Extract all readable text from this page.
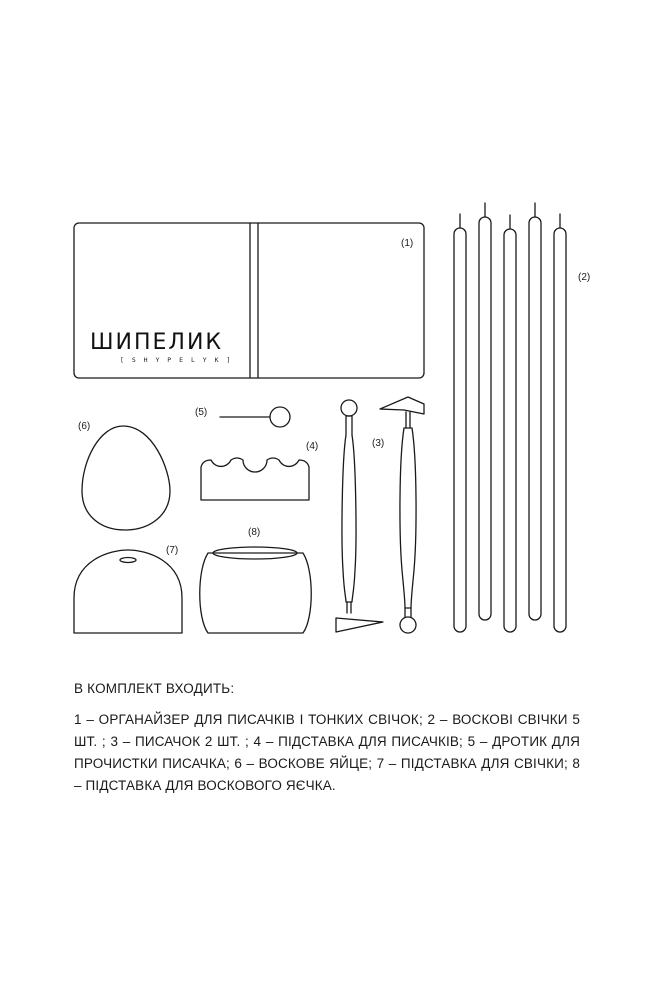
ШИПЕЛИК
[ S H Y P E L Y K ]
(1)
(2)
(5)
(4)
(6)
(7)
(8)
(3)

В КОМПЛЕКТ ВХОДИТЬ:

1 – ОРГАНАЙЗЕР ДЛЯ ПИСАЧКІВ І ТОНКИХ СВІЧОК; 2 – ВОСКОВІ СВІЧКИ 5 ШТ. ; 3 – ПИСАЧОК 2 ШТ. ; 4 – ПІДСТАВКА ДЛЯ ПИСАЧКІВ; 5 – ДРОТИК ДЛЯ ПРОЧИСТКИ ПИСАЧКА; 6 – ВОСКОВЕ ЯЙЦЕ; 7 – ПІДСТАВКА ДЛЯ СВІЧКИ; 8 – ПІДСТАВКА ДЛЯ ВОСКОВОГО ЯЄЧКА.
